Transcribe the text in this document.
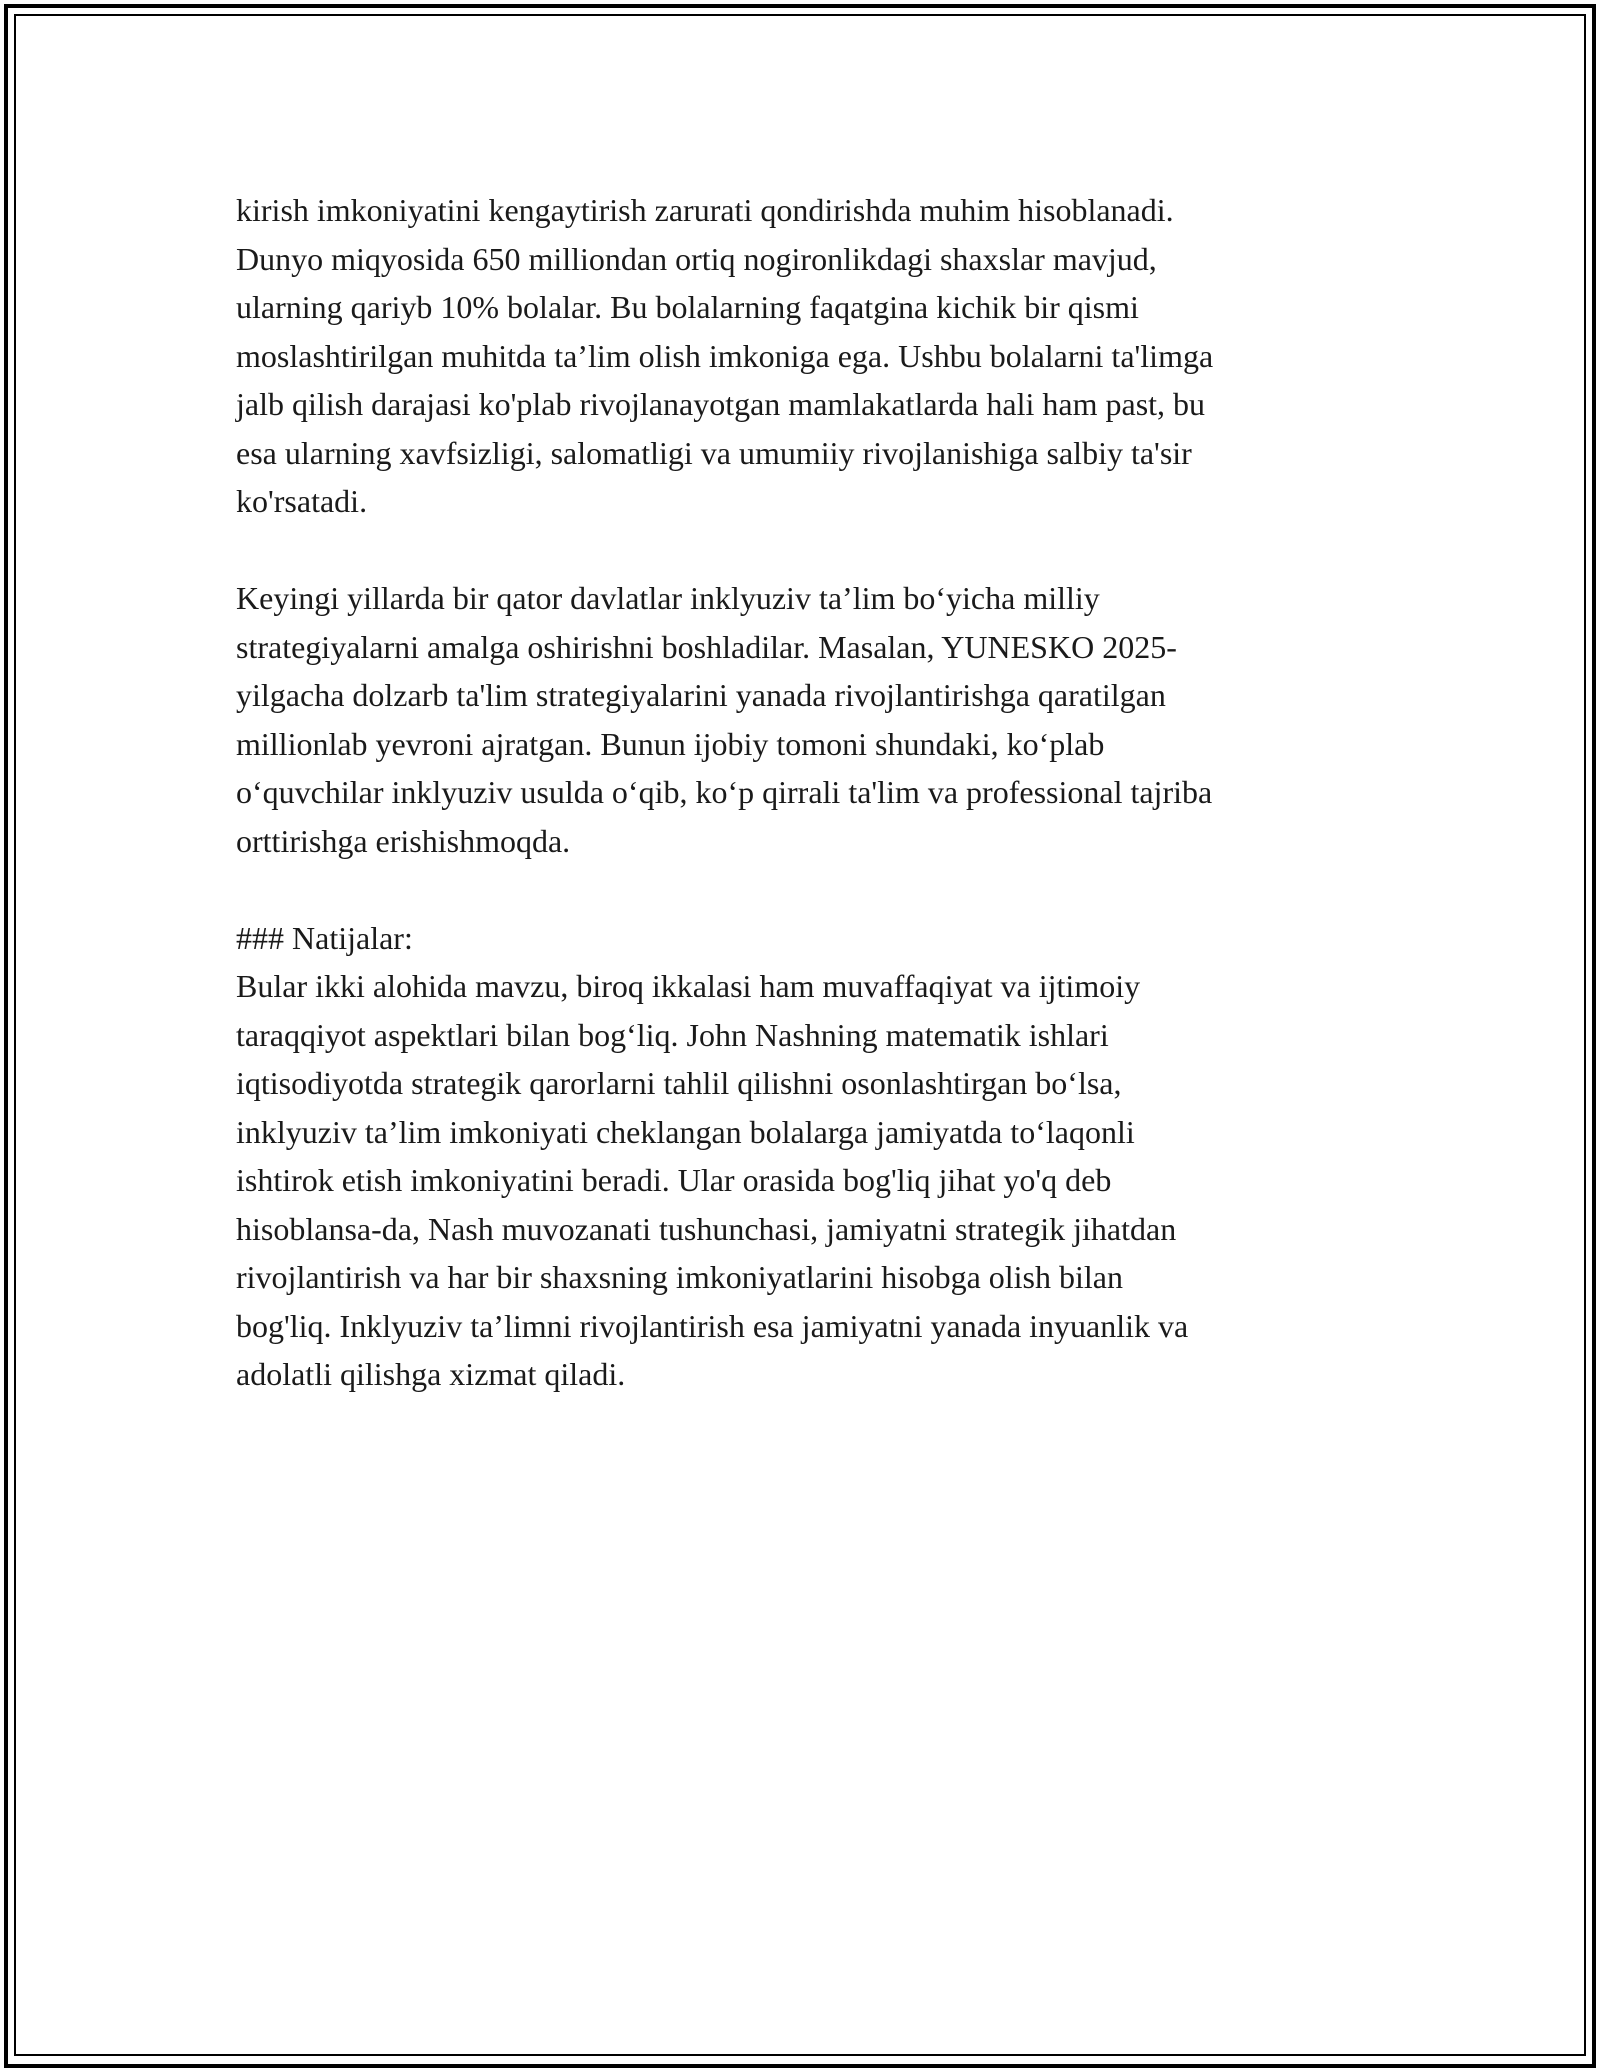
kirish imkoniyatini kengaytirish zarurati qondirishda muhim hisoblanadi.
Dunyo miqyosida 650 milliondan ortiq nogironlikdagi shaxslar mavjud,
ularning qariyb 10% bolalar. Bu bolalarning faqatgina kichik bir qismi
moslashtirilgan muhitda ta’lim olish imkoniga ega. Ushbu bolalarni ta'limga
jalb qilish darajasi ko'plab rivojlanayotgan mamlakatlarda hali ham past, bu
esa ularning xavfsizligi, salomatligi va umumiiy rivojlanishiga salbiy ta'sir
ko'rsatadi.

Keyingi yillarda bir qator davlatlar inklyuziv ta’lim bo‘yicha milliy
strategiyalarni amalga oshirishni boshladilar. Masalan, YUNESKO 2025-
yilgacha dolzarb ta'lim strategiyalarini yanada rivojlantirishga qaratilgan
millionlab yevroni ajratgan. Bunun ijobiy tomoni shundaki, ko‘plab
o‘quvchilar inklyuziv usulda o‘qib, ko‘p qirrali ta'lim va professional tajriba
orttirishga erishishmoqda.

### Natijalar:

Bular ikki alohida mavzu, biroq ikkalasi ham muvaffaqiyat va ijtimoiy
taraqqiyot aspektlari bilan bog‘liq. John Nashning matematik ishlari
iqtisodiyotda strategik qarorlarni tahlil qilishni osonlashtirgan bo‘lsa,
inklyuziv ta’lim imkoniyati cheklangan bolalarga jamiyatda to‘laqonli
ishtirok etish imkoniyatini beradi. Ular orasida bog'liq jihat yo'q deb
hisoblansa-da, Nash muvozanati tushunchasi, jamiyatni strategik jihatdan
rivojlantirish va har bir shaxsning imkoniyatlarini hisobga olish bilan
bog'liq. Inklyuziv ta’limni rivojlantirish esa jamiyatni yanada inyuanlik va
adolatli qilishga xizmat qiladi.
